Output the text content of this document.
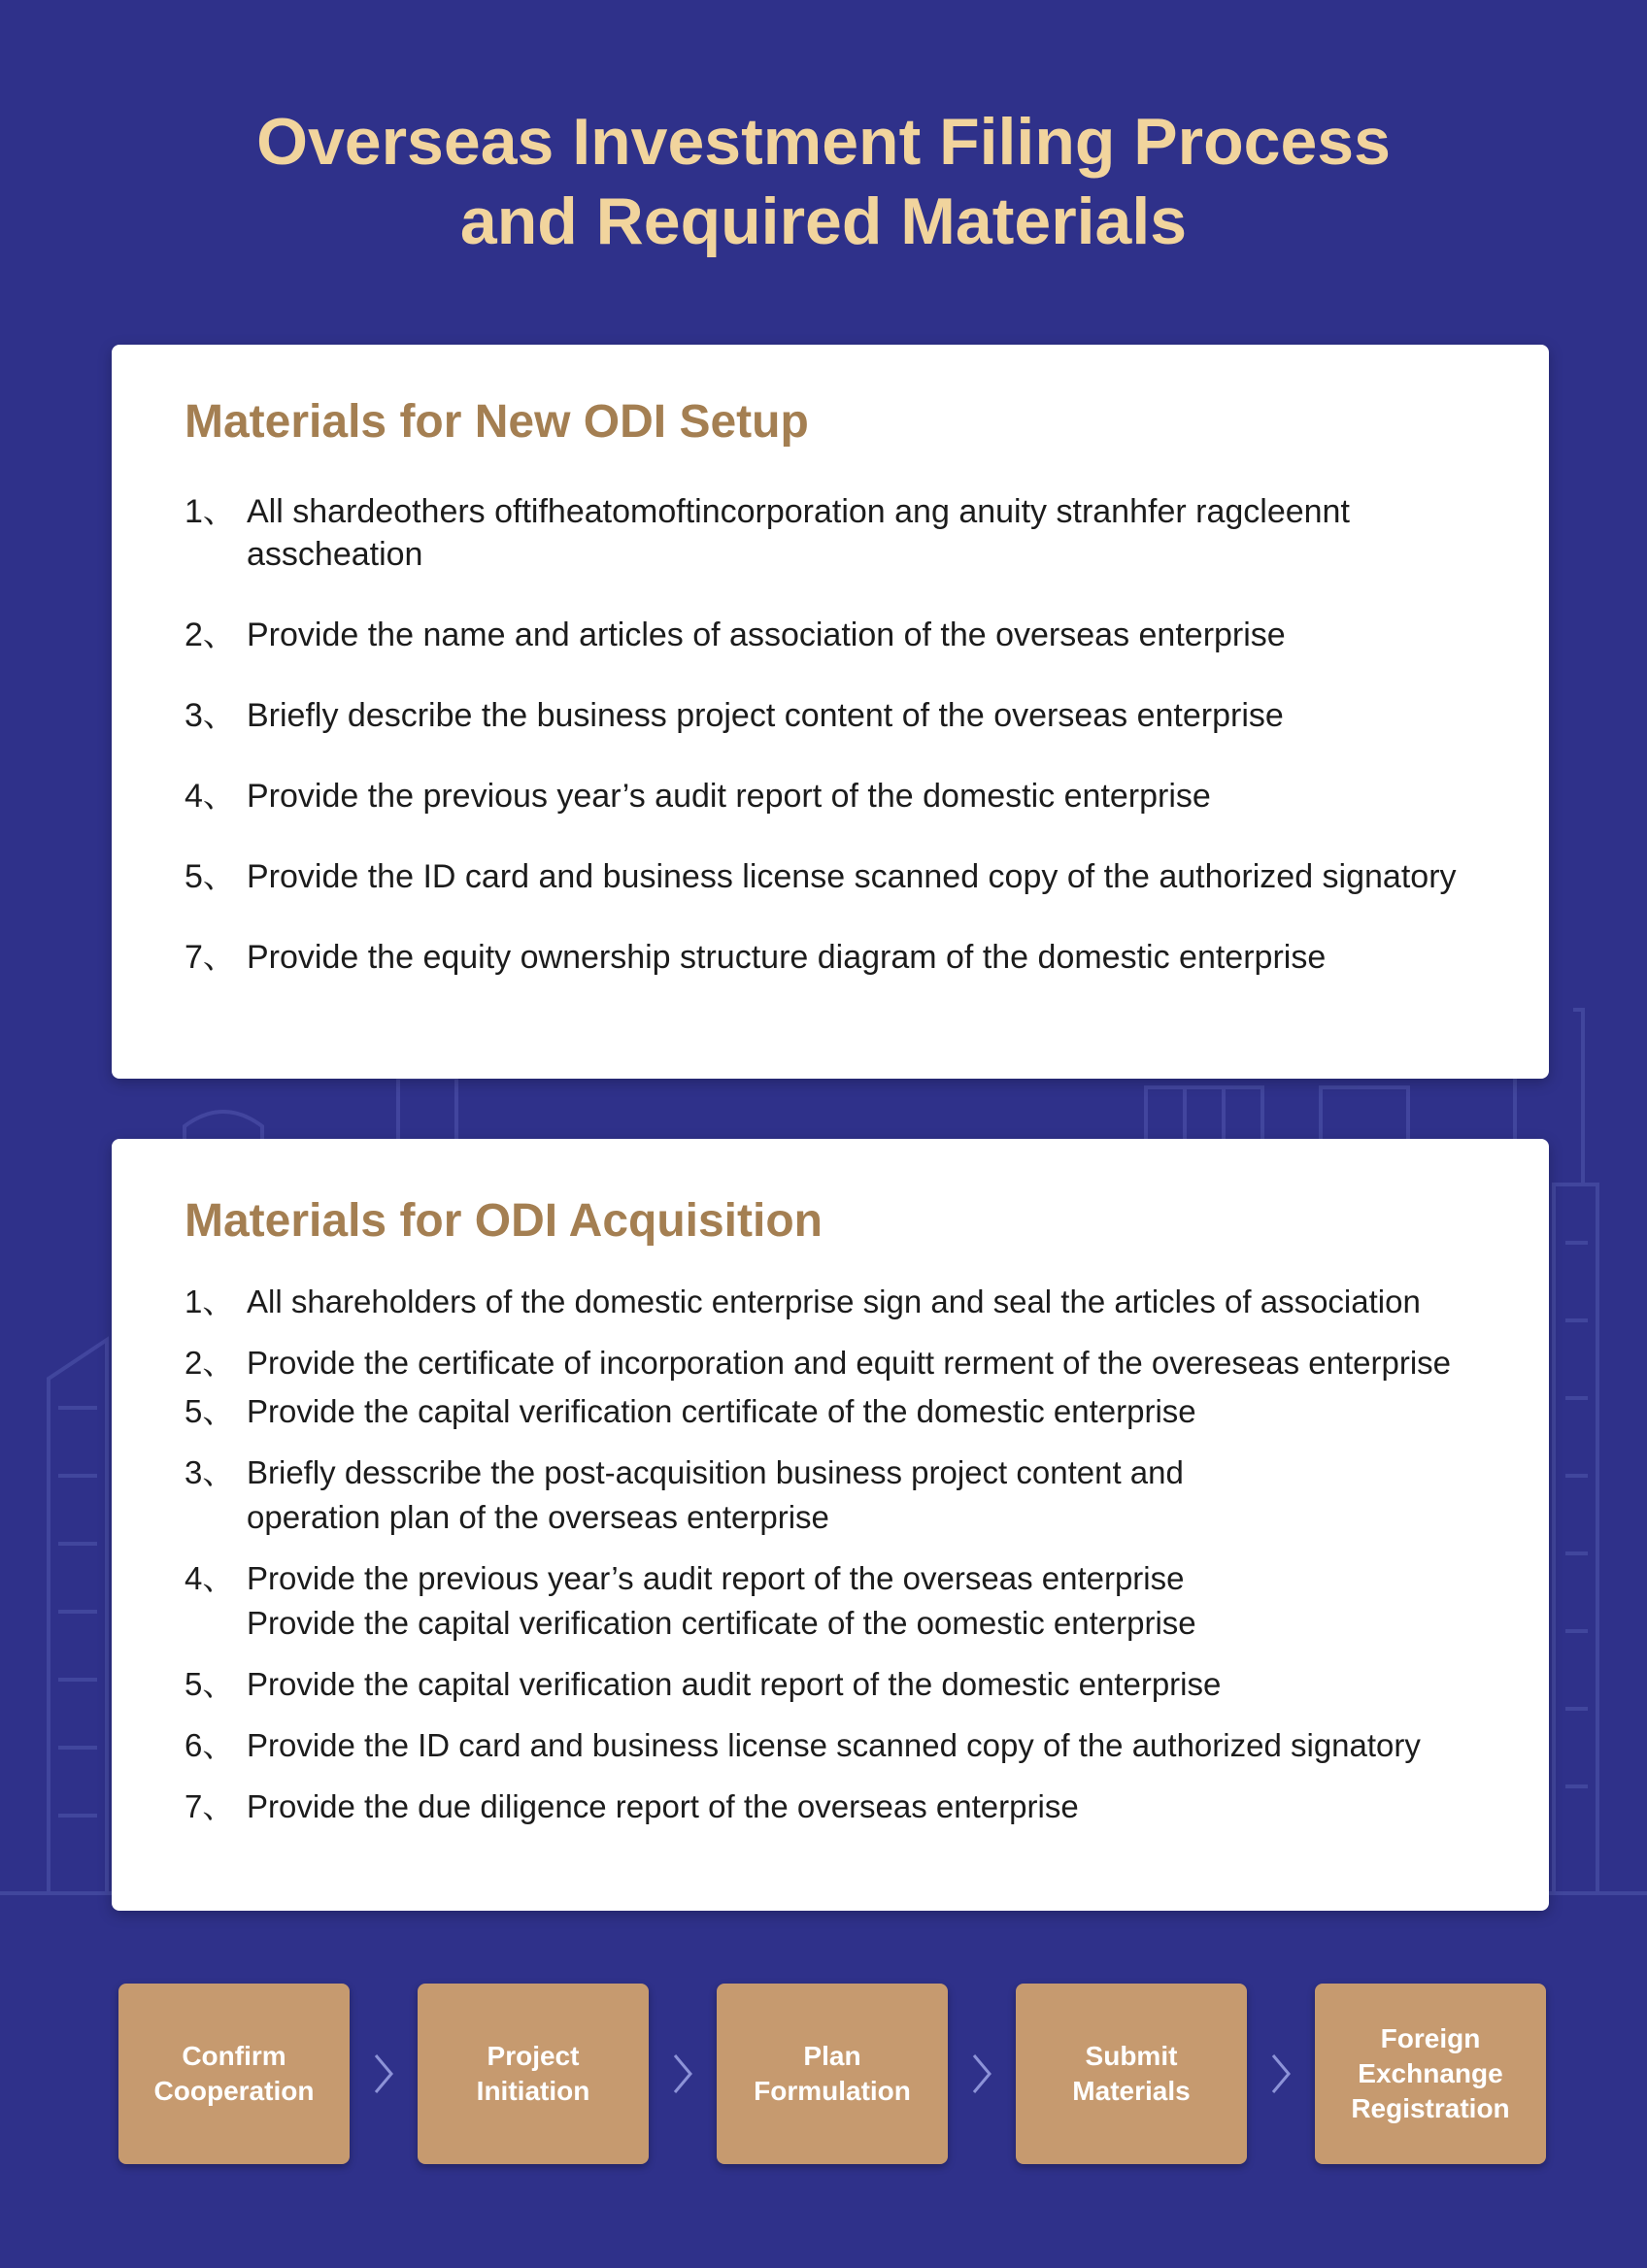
Overseas Investment Filing Process
and Required Materials
Materials for New ODI Setup
1、 All shardeothers oftifheatomoftincorporation ang anuity stranhfer ragcleennt
asscheation
2、 Provide the name and articles of association of the overseas enterprise
3、 Briefly describe the business project content of the overseas enterprise
4、 Provide the previous year’s audit report of the domestic enterprise
5、 Provide the ID card and business license scanned copy of the authorized signatory
7、 Provide the equity ownership structure diagram of the domestic enterprise
Materials for ODI Acquisition
1、 All shareholders of the domestic enterprise sign and seal the articles of association
2、 Provide the certificate of incorporation and equitt rerment of the overeseas enterprise
5、 Provide the capital verification certificate of the domestic enterprise
3、 Briefly desscribe the post-acquisition business project content and
operation plan of the overseas enterprise
4、 Provide the previous year’s audit report of the overseas enterprise
Provide the capital verification certificate of the oomestic enterprise
5、 Provide the capital verification audit report of the domestic enterprise
6、 Provide the ID card and business license scanned copy of the authorized signatory
7、 Provide the due diligence report of the overseas enterprise
Confirm
Cooperation
Project Initiation
Plan Formulation
Submit Materials
Foreign
Exchnange
Registration
